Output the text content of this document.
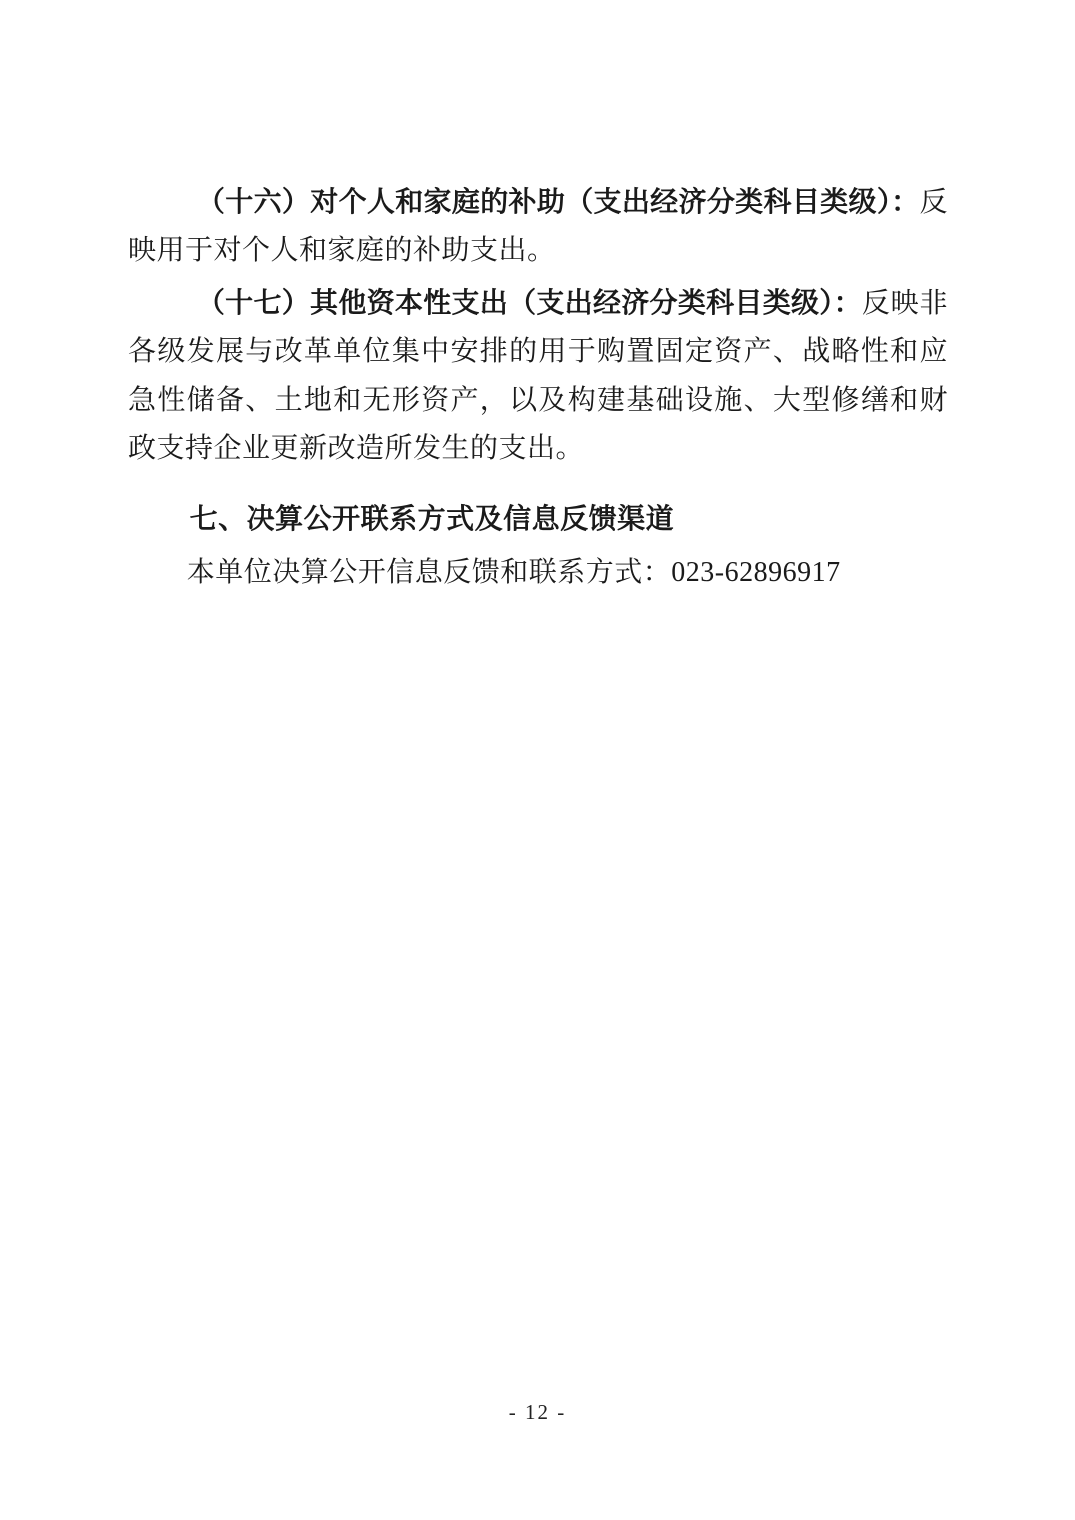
（十六）对个人和家庭的补助（支出经济分类科目类级）：反映用于对个人和家庭的补助支出。

（十七）其他资本性支出（支出经济分类科目类级）：反映非各级发展与改革单位集中安排的用于购置固定资产、战略性和应急性储备、土地和无形资产，以及构建基础设施、大型修缮和财政支持企业更新改造所发生的支出。

七、决算公开联系方式及信息反馈渠道

本单位决算公开信息反馈和联系方式：023-62896917

- 12 -
